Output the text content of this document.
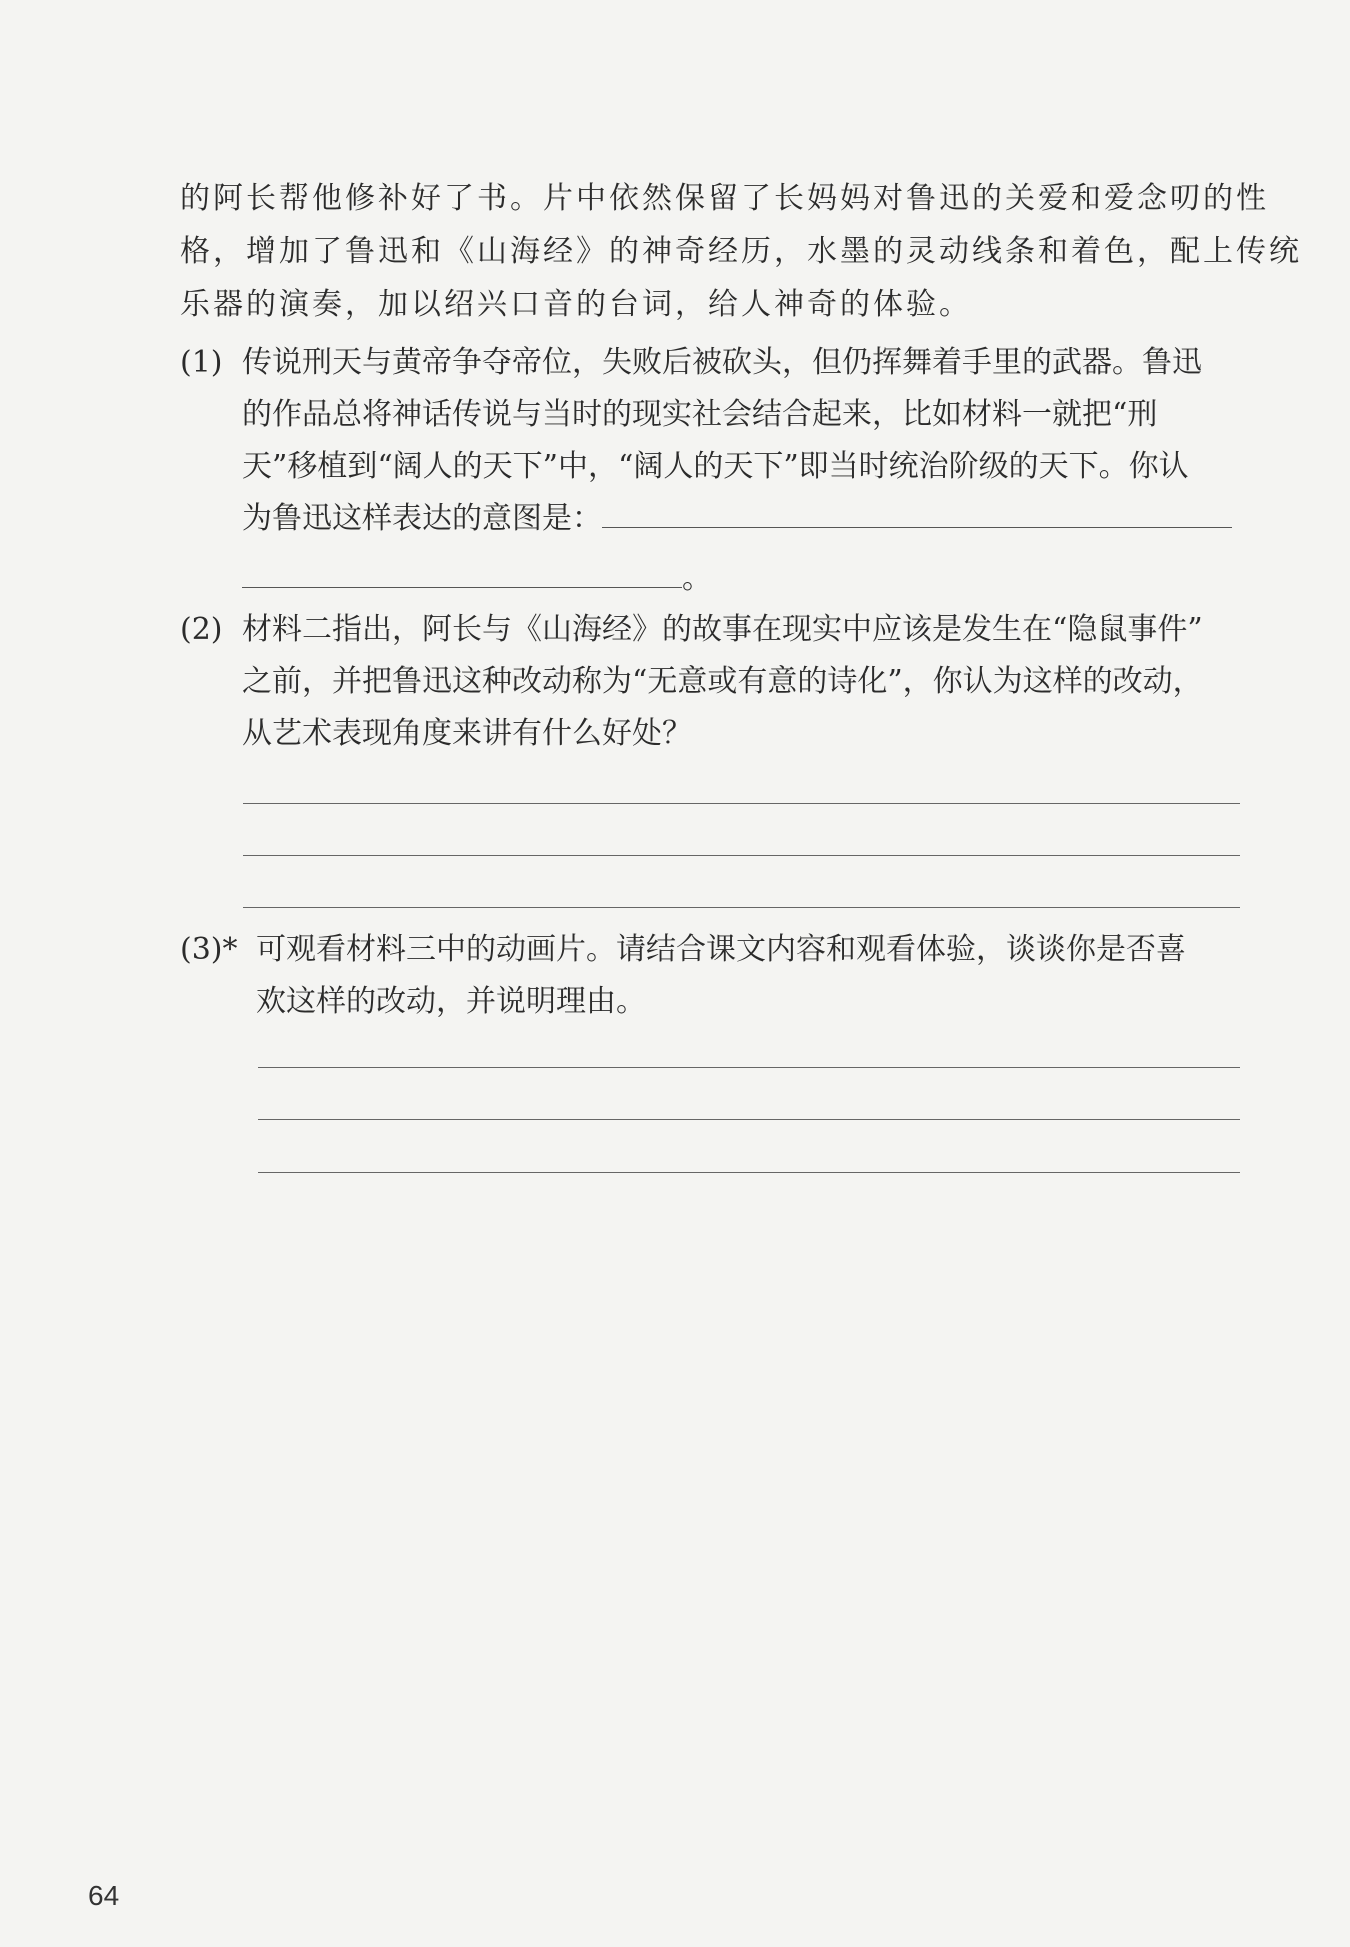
的阿长帮他修补好了书。片中依然保留了长妈妈对鲁迅的关爱和爱念叨的性

格，增加了鲁迅和《山海经》的神奇经历，水墨的灵动线条和着色，配上传统

乐器的演奏，加以绍兴口音的台词，给人神奇的体验。

(1) 传说刑天与黄帝争夺帝位，失败后被砍头，但仍挥舞着手里的武器。鲁迅

的作品总将神话传说与当时的现实社会结合起来，比如材料一就把“刑

天”移植到“阔人的天下”中，“阔人的天下”即当时统治阶级的天下。你认

为鲁迅这样表达的意图是：

。

(2) 材料二指出，阿长与《山海经》的故事在现实中应该是发生在“隐鼠事件”

之前，并把鲁迅这种改动称为“无意或有意的诗化”，你认为这样的改动，

从艺术表现角度来讲有什么好处？

(3)* 可观看材料三中的动画片。请结合课文内容和观看体验，谈谈你是否喜

欢这样的改动，并说明理由。

64
